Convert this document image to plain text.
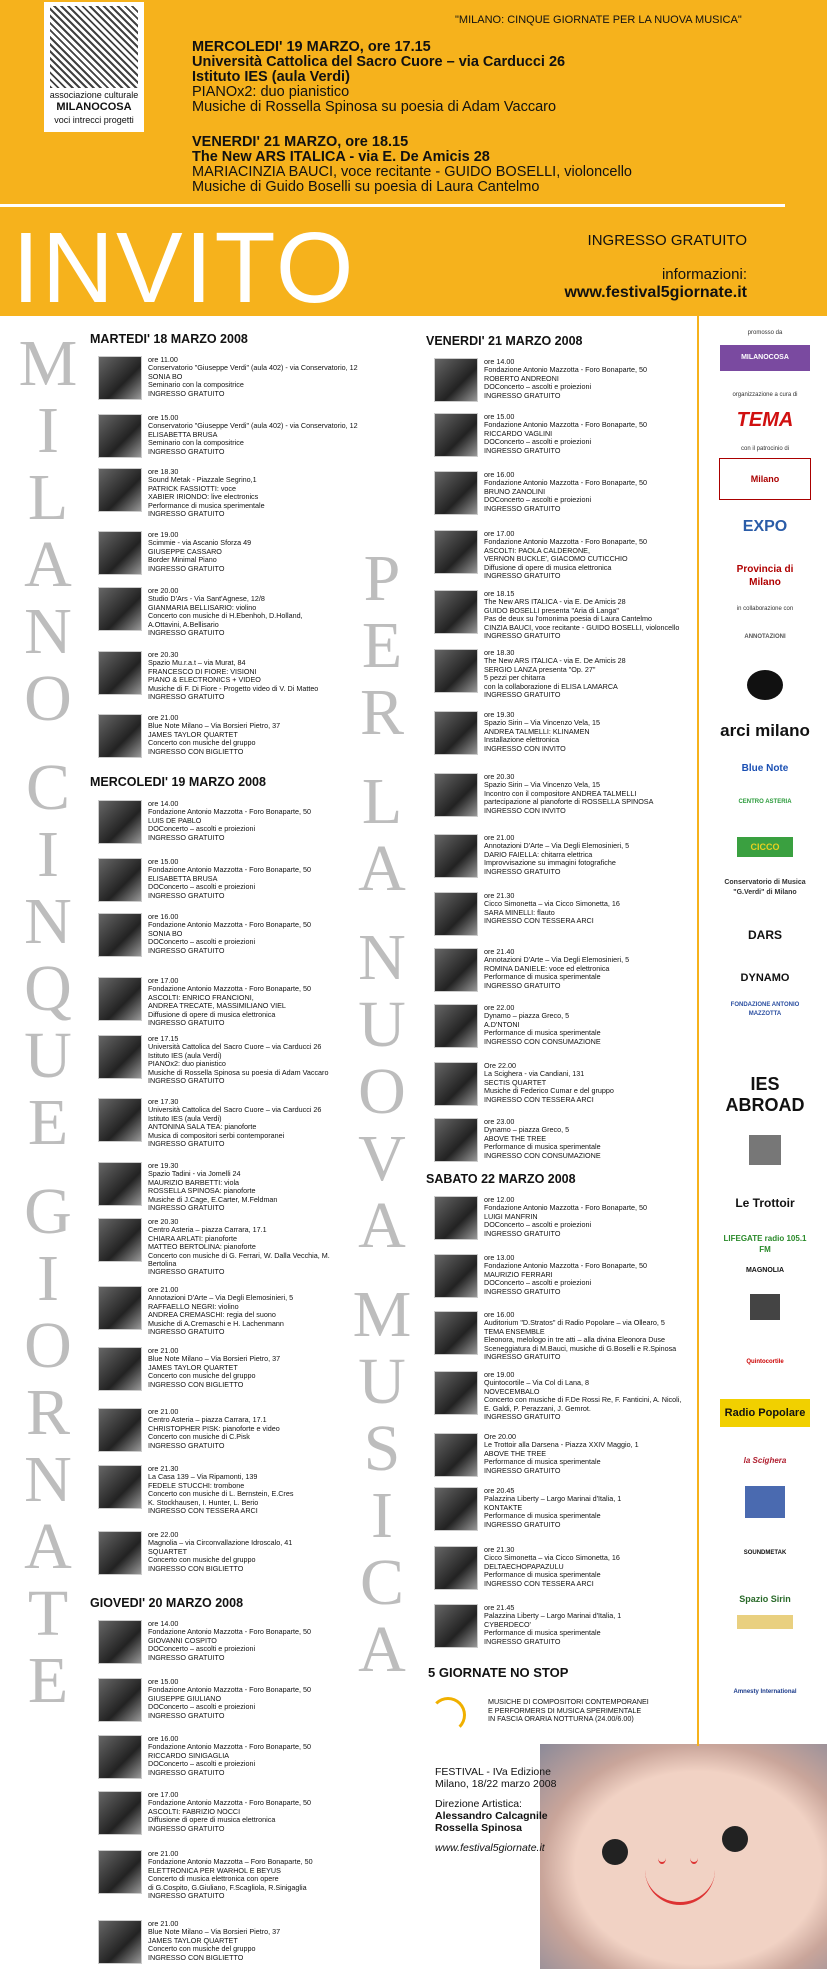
associazione culturale
MILANOCOSA
voci intrecci progetti
"MILANO: CINQUE GIORNATE PER LA NUOVA MUSICA"
MERCOLEDI' 19 MARZO, ore 17.15
Università Cattolica del Sacro Cuore – via Carducci 26
Istituto IES (aula Verdi)
PIANOx2: duo pianistico
Musiche di Rossella Spinosa su poesia di Adam Vaccaro
VENERDI' 21 MARZO, ore 18.15
The New ARS ITALICA - via E. De Amicis 28
MARIACINZIA BAUCI, voce recitante - GUIDO BOSELLI, violoncello
Musiche di Guido Boselli su poesia di Laura Cantelmo
INVITO	INGRESSO GRATUITO
informazioni:
www.festival5giornate.it
M
I
L
A
N
O
C
I
N
Q
U
E
G
I
O
R
N
A
T
E
P
E
R
L
A
N
U
O
V
A
M
U
S
I
C
A
MARTEDI' 18 MARZO 2008
ore 11.00
Conservatorio "Giuseppe Verdi" (aula 402) - via Conservatorio, 12
SONIA BO
Seminario con la compositrice
INGRESSO GRATUITO
ore 15.00
Conservatorio "Giuseppe Verdi" (aula 402) - via Conservatorio, 12
ELISABETTA BRUSA
Seminario con la compositrice
INGRESSO GRATUITO
ore 18.30
Sound Metak - Piazzale Segrino,1
PATRICK FASSIOTTI: voce
XABIER IRIONDO: live electronics
Performance di musica sperimentale
INGRESSO GRATUITO
ore 19.00
Scimmie - via Ascanio Sforza 49
GIUSEPPE CASSARO
Border Minimal Piano
INGRESSO GRATUITO
ore 20.00
Studio D'Ars - Via Sant'Agnese, 12/8
GIANMARIA BELLISARIO: violino
Concerto con musiche di H.Ebenhoh, D.Holland,
A.Ottavini, A.Bellisario
INGRESSO GRATUITO
ore 20.30
Spazio Mu.r.a.t – via Murat, 84
FRANCESCO DI FIORE: VISIONI
PIANO & ELECTRONICS + VIDEO
Musiche di F. Di Fiore - Progetto video di V. Di Matteo
INGRESSO GRATUITO
ore 21.00
Blue Note Milano – Via Borsieri Pietro, 37
JAMES TAYLOR QUARTET
Concerto con musiche del gruppo
INGRESSO CON BIGLIETTO
MERCOLEDI' 19 MARZO 2008
ore 14.00
Fondazione Antonio Mazzotta - Foro Bonaparte, 50
LUIS DE PABLO
DOConcerto – ascolti e proiezioni
INGRESSO GRATUITO
ore 15.00
Fondazione Antonio Mazzotta - Foro Bonaparte, 50
ELISABETTA BRUSA
DOConcerto – ascolti e proiezioni
INGRESSO GRATUITO
ore 16.00
Fondazione Antonio Mazzotta - Foro Bonaparte, 50
SONIA BO
DOConcerto – ascolti e proiezioni
INGRESSO GRATUITO
ore 17.00
Fondazione Antonio Mazzotta - Foro Bonaparte, 50
ASCOLTI: ENRICO FRANCIONI,
ANDREA TRECATE, MASSIMILIANO VIEL
Diffusione di opere di musica elettronica
INGRESSO GRATUITO
ore 17.15
Università Cattolica del Sacro Cuore – via Carducci 26
Istituto IES (aula Verdi)
PIANOx2: duo pianistico
Musiche di Rossella Spinosa su poesia di Adam Vaccaro
INGRESSO GRATUITO
ore 17.30
Università Cattolica del Sacro Cuore – via Carducci 26
Istituto IES (aula Verdi)
ANTONINA SALA TEA: pianoforte
Musica di compositori serbi contemporanei
INGRESSO GRATUITO
ore 19.30
Spazio Tadini - via Jomelli 24
MAURIZIO BARBETTI: viola
ROSSELLA SPINOSA: pianoforte
Musiche di J.Cage, E.Carter, M.Feldman
INGRESSO GRATUITO
ore 20.30
Centro Asteria – piazza Carrara, 17.1
CHIARA ARLATI: pianoforte
MATTEO BERTOLINA: pianoforte
Concerto con musiche di G. Ferrari, W. Dalla Vecchia, M.
Bertolina
INGRESSO GRATUITO
ore 21.00
Annotazioni D'Arte – Via Degli Elemosinieri, 5
RAFFAELLO NEGRI: violino
ANDREA CREMASCHI: regia del suono
Musiche di A.Cremaschi e H. Lachenmann
INGRESSO GRATUITO
ore 21.00
Blue Note Milano – Via Borsieri Pietro, 37
JAMES TAYLOR QUARTET
Concerto con musiche del gruppo
INGRESSO CON BIGLIETTO
ore 21.00
Centro Asteria – piazza Carrara, 17.1
CHRISTOPHER PISK: pianoforte e video
Concerto con musiche di C.Pisk
INGRESSO GRATUITO
ore 21.30
La Casa 139 – Via Ripamonti, 139
FEDELE STUCCHI: trombone
Concerto con musiche di L. Bernstein, E.Cres
K. Stockhausen, I. Hunter, L. Berio
INGRESSO CON TESSERA ARCI
ore 22.00
Magnolia – via Circonvallazione Idroscalo, 41
SQUARTET
Concerto con musiche del gruppo
INGRESSO CON BIGLIETTO
GIOVEDI' 20 MARZO 2008
ore 14.00
Fondazione Antonio Mazzotta - Foro Bonaparte, 50
GIOVANNI COSPITO
DOConcerto – ascolti e proiezioni
INGRESSO GRATUITO
ore 15.00
Fondazione Antonio Mazzotta - Foro Bonaparte, 50
GIUSEPPE GIULIANO
DOConcerto – ascolti e proiezioni
INGRESSO GRATUITO
ore 16.00
Fondazione Antonio Mazzotta - Foro Bonaparte, 50
RICCARDO SINIGAGLIA
DOConcerto – ascolti e proiezioni
INGRESSO GRATUITO
ore 17.00
Fondazione Antonio Mazzotta - Foro Bonaparte, 50
ASCOLTI: FABRIZIO NOCCI
Diffusione di opere di musica elettronica
INGRESSO GRATUITO
ore 21.00
Fondazione Antonio Mazzotta – Foro Bonaparte, 50
ELETTRONICA PER WARHOL E BEYUS
Concerto di musica elettronica con opere
di G.Cospito, G.Giuliano, F.Scagliola, R.Sinigaglia
INGRESSO GRATUITO
ore 21.00
Blue Note Milano – Via Borsieri Pietro, 37
JAMES TAYLOR QUARTET
Concerto con musiche del gruppo
INGRESSO CON BIGLIETTO
VENERDI' 21 MARZO 2008
ore 14.00
Fondazione Antonio Mazzotta - Foro Bonaparte, 50
ROBERTO ANDREONI
DOConcerto – ascolti e proiezioni
INGRESSO GRATUITO
ore 15.00
Fondazione Antonio Mazzotta - Foro Bonaparte, 50
RICCARDO VAGLINI
DOConcerto – ascolti e proiezioni
INGRESSO GRATUITO
ore 16.00
Fondazione Antonio Mazzotta - Foro Bonaparte, 50
BRUNO ZANOLINI
DOConcerto – ascolti e proiezioni
INGRESSO GRATUITO
ore 17.00
Fondazione Antonio Mazzotta - Foro Bonaparte, 50
ASCOLTI: PAOLA CALDERONE,
VERNON BUCKLE', GIACOMO CUTICCHIO
Diffusione di opere di musica elettronica
INGRESSO GRATUITO
ore 18.15
The New ARS ITALICA - via E. De Amicis 28
GUIDO BOSELLI presenta "Aria di Langa"
Pas de deux su l'omonima poesia di Laura Cantelmo
CINZIA BAUCI, voce recitante - GUIDO BOSELLI, violoncello
INGRESSO GRATUITO
ore 18.30
The New ARS ITALICA - via E. De Amicis 28
SERGIO LANZA presenta "Op. 27"
5 pezzi per chitarra
con la collaborazione di ELISA LAMARCA
INGRESSO GRATUITO
ore 19.30
Spazio Sirin – Via Vincenzo Vela, 15
ANDREA TALMELLI: KLINAMEN
Installazione elettronica
INGRESSO CON INVITO
ore 20.30
Spazio Sirin – Via Vincenzo Vela, 15
Incontro con il compositore ANDREA TALMELLI
partecipazione al pianoforte di ROSSELLA SPINOSA
INGRESSO CON INVITO
ore 21.00
Annotazioni D'Arte – Via Degli Elemosinieri, 5
DARIO FAIELLA: chitarra elettrica
Improvvisazione su immagini fotografiche
INGRESSO GRATUITO
ore 21.30
Cicco Simonetta – via Cicco Simonetta, 16
SARA MINELLI: flauto
INGRESSO CON TESSERA ARCI
ore 21.40
Annotazioni D'Arte – Via Degli Elemosinieri, 5
ROMINA DANIELE: voce ed elettronica
Performance di musica sperimentale
INGRESSO GRATUITO
ore 22.00
Dynamo – piazza Greco, 5
A.D'NTONI
Performance di musica sperimentale
INGRESSO CON CONSUMAZIONE
Ore 22.00
La Scighera - via Candiani, 131
SECTIS QUARTET
Musiche di Federico Cumar e del gruppo
INGRESSO CON TESSERA ARCI
ore 23.00
Dynamo – piazza Greco, 5
ABOVE THE TREE
Performance di musica sperimentale
INGRESSO CON CONSUMAZIONE
SABATO 22 MARZO 2008
ore 12.00
Fondazione Antonio Mazzotta - Foro Bonaparte, 50
LUIGI MANFRIN
DOConcerto – ascolti e proiezioni
INGRESSO GRATUITO
ore 13.00
Fondazione Antonio Mazzotta - Foro Bonaparte, 50
MAURIZIO FERRARI
DOConcerto – ascolti e proiezioni
INGRESSO GRATUITO
ore 16.00
Auditorium "D.Stratos" di Radio Popolare – via Ollearo, 5
TEMA ENSEMBLE
Eleonora, melologo in tre atti – alla divina Eleonora Duse
Sceneggiatura di M.Bauci, musiche di G.Boselli e R.Spinosa
INGRESSO GRATUITO
ore 19.00
Quintocortile – Via Col di Lana, 8
NOVECEMBALO
Concerto con musiche di F.De Rossi Re, F. Fanticini, A. Nicoli,
E. Galdi, P. Perazzani, J. Gemrot.
INGRESSO GRATUITO
Ore 20.00
Le Trottoir alla Darsena - Piazza XXIV Maggio, 1
ABOVE THE TREE
Performance di musica sperimentale
INGRESSO GRATUITO
ore 20.45
Palazzina Liberty – Largo Marinai d'Italia, 1
KONTAKTE
Performance di musica sperimentale
INGRESSO GRATUITO
ore 21.30
Cicco Simonetta – via Cicco Simonetta, 16
DELTAECHOPAPAZULU
Performance di musica sperimentale
INGRESSO CON TESSERA ARCI
ore 21.45
Palazzina Liberty – Largo Marinai d'Italia, 1
CYBERDECO'
Performance di musica sperimentale
INGRESSO GRATUITO
5 GIORNATE NO STOP
MUSICHE DI COMPOSITORI CONTEMPORANEI
E PERFORMERS DI MUSICA SPERIMENTALE
IN FASCIA ORARIA NOTTURNA (24.00/6.00)
FESTIVAL - IVa Edizione
Milano, 18/22 marzo 2008
Direzione Artistica:
Alessandro Calcagnile
Rossella Spinosa
www.festival5giornate.it
promosso da
MILANOCOSA
organizzazione a cura di
TEMA
con il patrocinio di
Milano
EXPO
Provincia di Milano
in collaborazione con
ANNOTAZIONI
arci milano
Blue Note
CENTRO ASTERIA
CICCO
Conservatorio di Musica "G.Verdi" di Milano
DARS
DYNAMO
FONDAZIONE ANTONIO MAZZOTTA
IES ABROAD
Le Trottoir
LIFEGATE radio 105.1 FM
MAGNOLIA
Quintocortile
Radio Popolare
la Scighera
SOUNDMETAK
Spazio Sirin
Amnesty International
